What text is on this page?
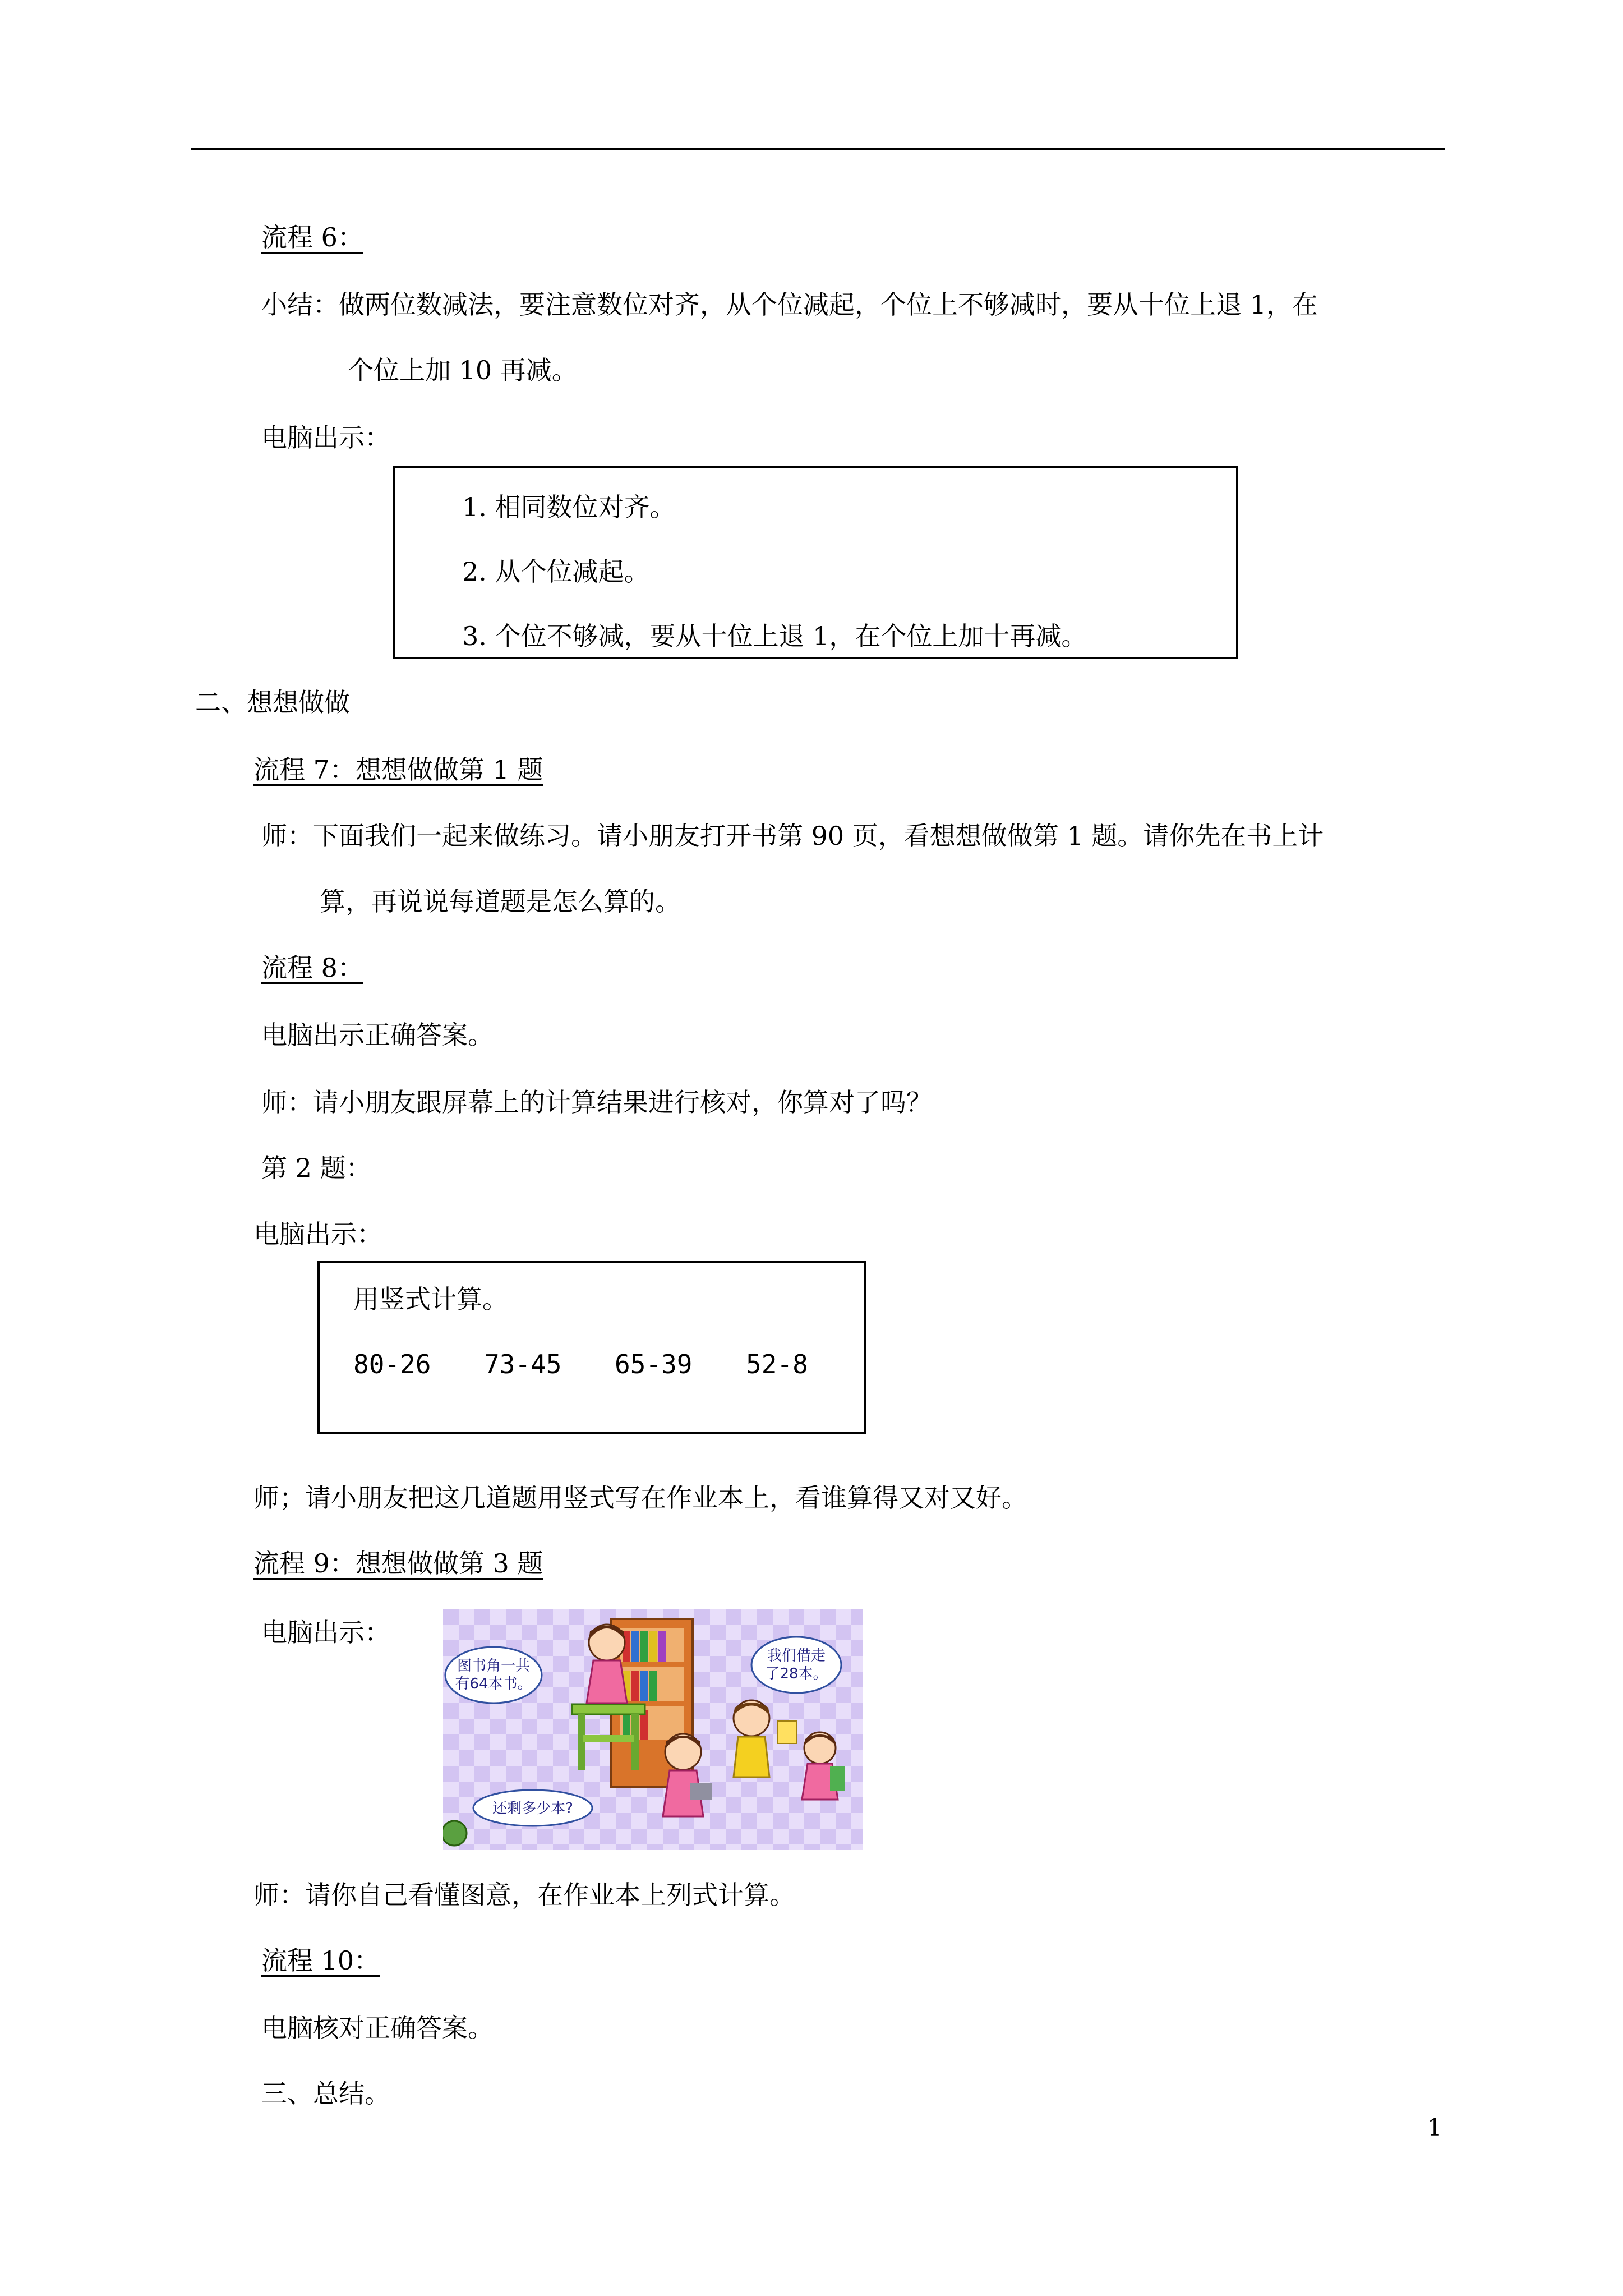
流程 6：
小结：做两位数减法，要注意数位对齐，从个位减起，个位上不够减时，要从十位上退 1，在
个位上加 10 再减。
电脑出示：
1. 相同数位对齐。
2. 从个位减起。
3. 个位不够减，要从十位上退 1，在个位上加十再减。
二、想想做做
流程 7：想想做做第 1 题
师：下面我们一起来做练习。请小朋友打开书第 90 页，看想想做做第 1 题。请你先在书上计
算，再说说每道题是怎么算的。
流程 8：
电脑出示正确答案。
师：请小朋友跟屏幕上的计算结果进行核对，你算对了吗？
第 2 题：
电脑出示：
用竖式计算。
80-26 73-45 65-39 52-8
师；请小朋友把这几道题用竖式写在作业本上，看谁算得又对又好。
流程 9：想想做做第 3 题
电脑出示：
图书角一共
有64本书。
我们借走
了28本。
还剩多少本?
师：请你自己看懂图意，在作业本上列式计算。
流程 10：
电脑核对正确答案。
三、总结。
1
